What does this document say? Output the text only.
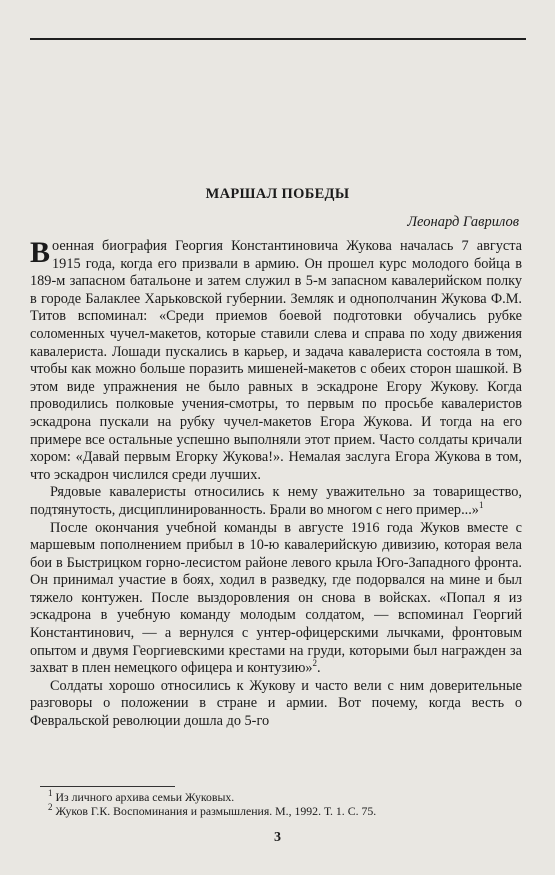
МАРШАЛ ПОБЕДЫ
Леонард Гаврилов

Военная биография Георгия Константиновича Жукова началась 7 августа 1915 года, когда его призвали в армию. Он прошел курс молодого бойца в 189-м запасном батальоне и затем служил в 5-м запасном кавалерийском полку в городе Балаклее Харьковской губернии. Земляк и однополчанин Жукова Ф.М. Титов вспоминал: «Среди приемов боевой подготовки обучались рубке соломенных чучел-макетов, которые ставили слева и справа по ходу движения кавалериста. Лошади пускались в карьер, и задача кавалериста состояла в том, чтобы как можно больше поразить мишеней-макетов с обеих сторон шашкой. В этом виде упражнения не было равных в эскадроне Егору Жукову. Когда проводились полковые учения-смотры, то первым по просьбе кавалеристов эскадрона пускали на рубку чучел-макетов Егора Жукова. И тогда на его примере все остальные успешно выполняли этот прием. Часто солдаты кричали хором: «Давай первым Егорку Жукова!». Немалая заслуга Егора Жукова в том, что эскадрон числился среди лучших.

Рядовые кавалеристы относились к нему уважительно за товарищество, подтянутость, дисциплинированность. Брали во многом с него пример...»$^1$

После окончания учебной команды в августе 1916 года Жуков вместе с маршевым пополнением прибыл в 10-ю кавалерийскую дивизию, которая вела бои в Быстрицком горно-лесистом районе левого крыла Юго-Западного фронта. Он принимал участие в боях, ходил в разведку, где подорвался на мине и был тяжело контужен. После выздоровления он снова в войсках. «Попал я из эскадрона в учебную команду молодым солдатом, — вспоминал Георгий Константинович, — а вернулся с унтер-офицерскими лычками, фронтовым опытом и двумя Георгиевскими крестами на груди, которыми был награжден за захват в плен немецкого офицера и контузию»$^2$.

Солдаты хорошо относились к Жукову и часто вели с ним доверительные разговоры о положении в стране и армии. Вот почему, когда весть о Февральской революции дошла до 5-го

$^1$ Из личного архива семьи Жуковых.
$^2$ Жуков Г.К. Воспоминания и размышления. М., 1992. Т. 1. С. 75.
3
